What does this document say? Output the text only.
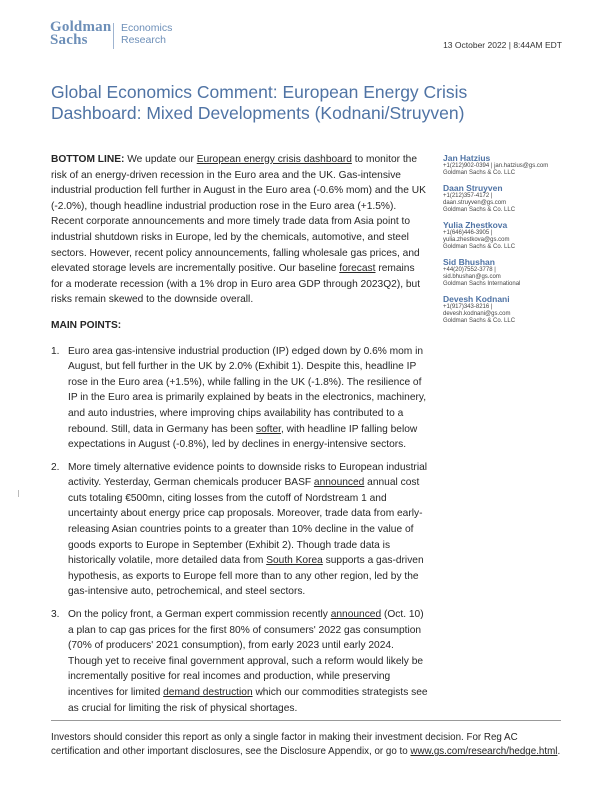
Goldman
Sachs
Economics
Research	13 October 2022 | 8:44AM EDT
Global Economics Comment: European Energy Crisis Dashboard: Mixed Developments (Kodnani/Struyven)

BOTTOM LINE: We update our European energy crisis dashboard to monitor the risk of an energy-driven recession in the Euro area and the UK. Gas-intensive industrial production fell further in August in the Euro area (-0.6% mom) and the UK (-2.0%), though headline industrial production rose in the Euro area (+1.5%). Recent corporate announcements and more timely trade data from Asia point to industrial shutdown risks in Europe, led by the chemicals, automotive, and steel sectors. However, recent policy announcements, falling wholesale gas prices, and elevated storage levels are incrementally positive. Our baseline forecast remains for a moderate recession (with a 1% drop in Euro area GDP through 2023Q2), but risks remain skewed to the downside overall.

MAIN POINTS:

1. Euro area gas-intensive industrial production (IP) edged down by 0.6% mom in August, but fell further in the UK by 2.0% (Exhibit 1). Despite this, headline IP rose in the Euro area (+1.5%), while falling in the UK (-1.8%). The resilience of IP in the Euro area is primarily explained by beats in the electronics, machinery, and auto industries, where improving chips availability has contributed to a rebound. Still, data in Germany has been softer, with headline IP falling below expectations in August (-0.8%), led by declines in energy-intensive sectors.
2. More timely alternative evidence points to downside risks to European industrial activity. Yesterday, German chemicals producer BASF announced annual cost cuts totaling €500mn, citing losses from the cutoff of Nordstream 1 and uncertainty about energy price cap proposals. Moreover, trade data from early-releasing Asian countries points to a greater than 10% decline in the value of goods exports to Europe in September (Exhibit 2). Though trade data is historically volatile, more detailed data from South Korea supports a gas-driven hypothesis, as exports to Europe fell more than to any other region, led by the gas-intensive auto, petrochemical, and steel sectors.
3. On the policy front, a German expert commission recently announced (Oct. 10) a plan to cap gas prices for the first 80% of consumers' 2022 gas consumption (70% of producers' 2021 consumption), from early 2023 until early 2024. Though yet to receive final government approval, such a reform would likely be incrementally positive for real incomes and production, while preserving incentives for limited demand destruction which our commodities strategists see as crucial for limiting the risk of physical shortages.
Jan Hatzius
+1(212)902-0394 | jan.hatzius@gs.com
Goldman Sachs & Co. LLC
Daan Struyven
+1(212)357-4172 |
daan.struyven@gs.com
Goldman Sachs & Co. LLC
Yulia Zhestkova
+1(646)446-3905 |
yulia.zhestkova@gs.com
Goldman Sachs & Co. LLC
Sid Bhushan
+44(20)7552-3778 |
sid.bhushan@gs.com
Goldman Sachs International
Devesh Kodnani
+1(917)343-8216 |
devesh.kodnani@gs.com
Goldman Sachs & Co. LLC
Investors should consider this report as only a single factor in making their investment decision. For Reg AC certification and other important disclosures, see the Disclosure Appendix, or go to www.gs.com/research/hedge.html.
